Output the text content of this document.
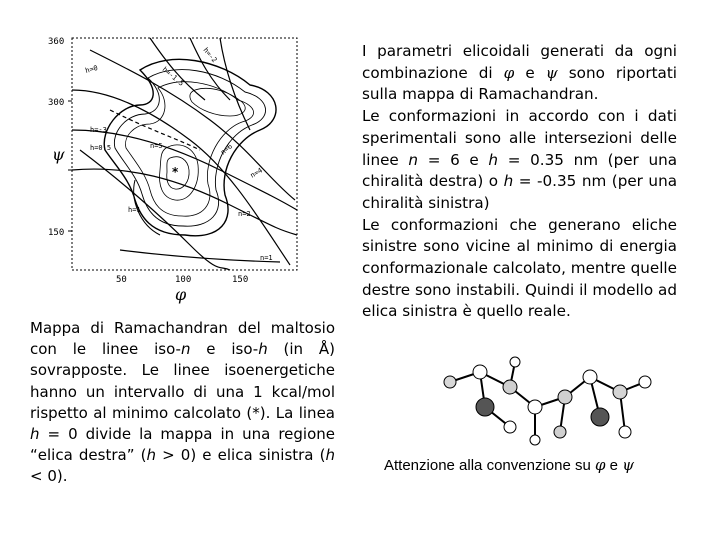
360
300
150
50	100	150
ψ
φ
*
h=0	h=-1.5
h=-2
h=-3
h=0.5	n=6
n=4
n=2
n=1
n=5
h=1
Mappa di Ramachandran del maltosio con le linee iso-n e iso-h (in Å) sovrapposte. Le linee isoenergetiche hanno un intervallo di una 1 kcal/mol rispetto al minimo calcolato (*). La linea h = 0 divide la mappa in una regione “elica destra” (h > 0) e elica sinistra (h < 0).

I parametri elicoidali generati da ogni combinazione di φ e ψ sono riportati sulla mappa di Ramachandran.

Le conformazioni in accordo con i dati sperimentali sono alle intersezioni delle linee n = 6 e h = 0.35 nm (per una chiralità destra) o h = -0.35 nm (per una chiralità sinistra)

Le conformazioni che generano eliche sinistre sono vicine al minimo di energia conformazionale calcolato, mentre quelle destre sono instabili. Quindi il modello ad elica sinistra è quello reale.

Attenzione alla convenzione su φ e ψ
